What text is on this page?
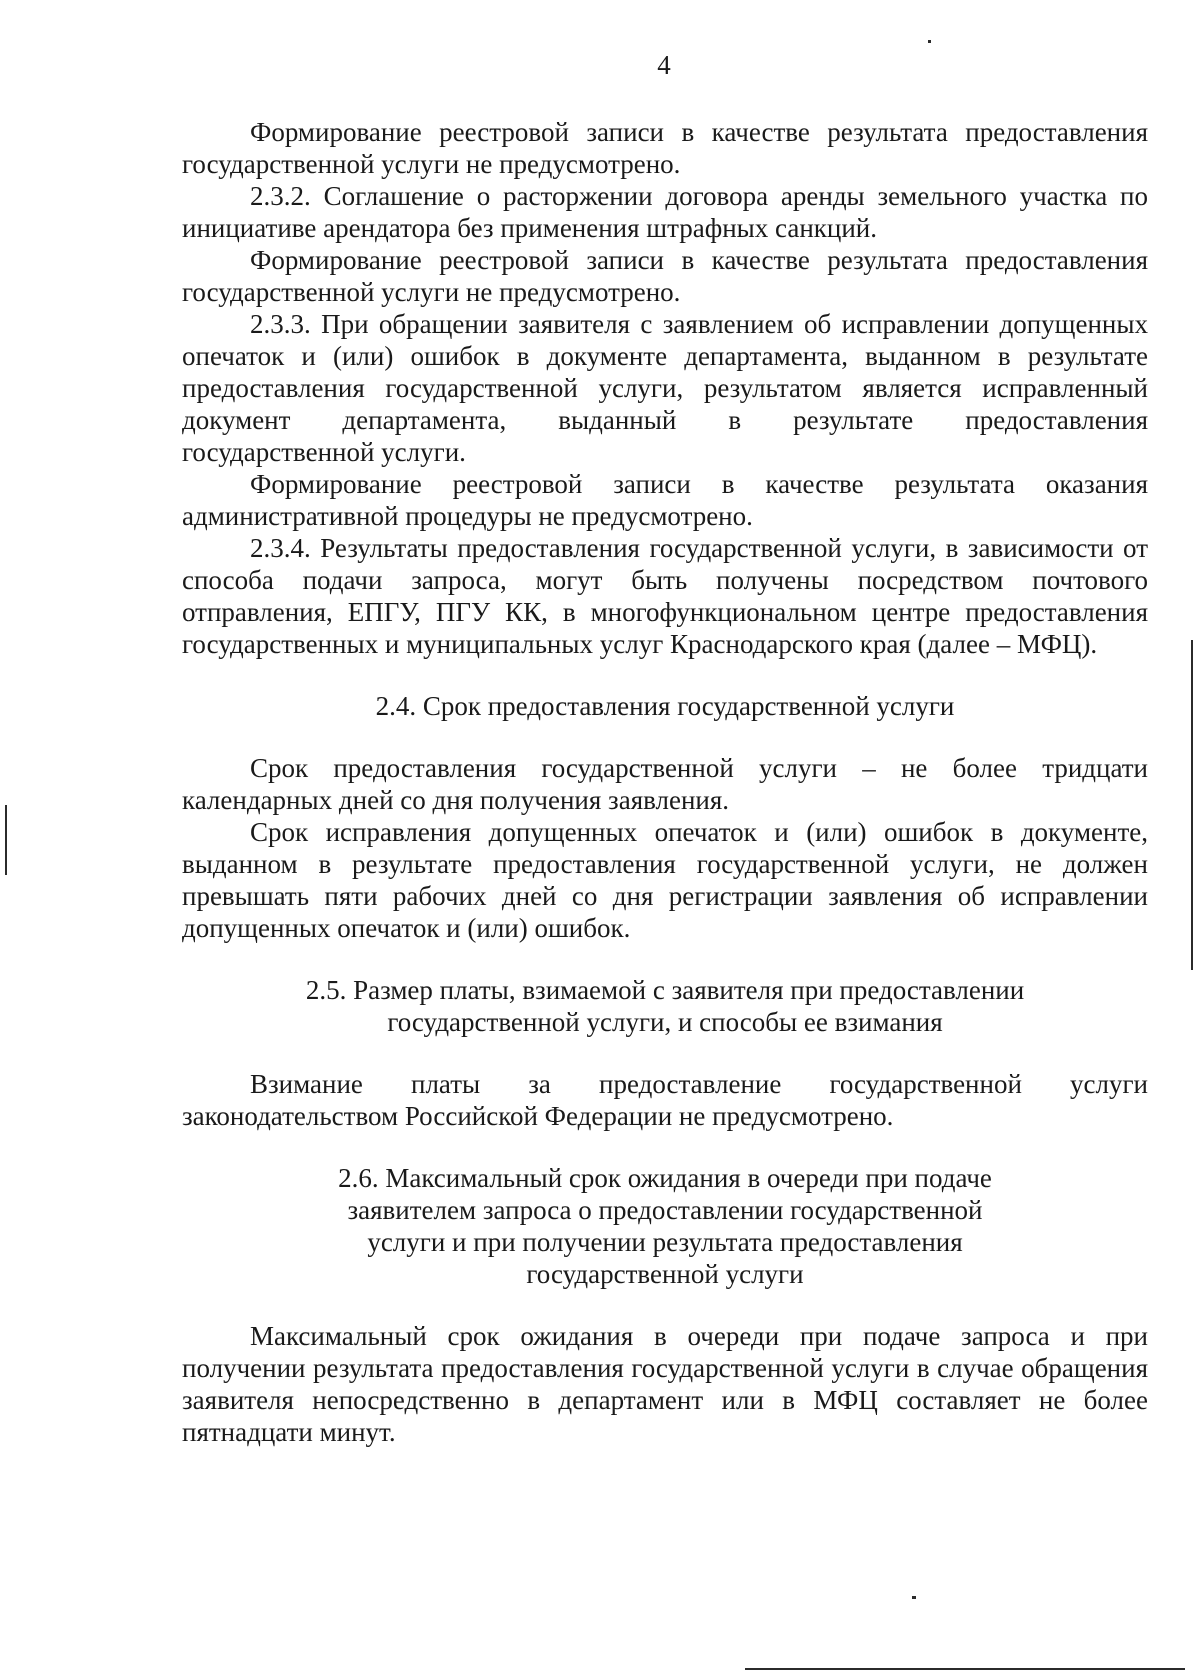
4

Формирование реестровой записи в качестве результата предоставления государственной услуги не предусмотрено.

2.3.2. Соглашение о расторжении договора аренды земельного участка по инициативе арендатора без применения штрафных санкций.

Формирование реестровой записи в качестве результата предоставления государственной услуги не предусмотрено.

2.3.3. При обращении заявителя с заявлением об исправлении допущенных опечаток и (или) ошибок в документе департамента, выданном в результате предоставления государственной услуги, результатом является исправленный документ департамента, выданный в результате предоставления

государственной услуги.

Формирование реестровой записи в качестве результата оказания административной процедуры не предусмотрено.

2.3.4. Результаты предоставления государственной услуги, в зависимости от способа подачи запроса, могут быть получены посредством почтового отправления, ЕПГУ, ПГУ КК, в многофункциональном центре предоставления государственных и муниципальных услуг Краснодарского края (далее – МФЦ).

2.4. Срок предоставления государственной услуги

Срок предоставления государственной услуги – не более тридцати календарных дней со дня получения заявления.

Срок исправления допущенных опечаток и (или) ошибок в документе, выданном в результате предоставления государственной услуги, не должен превышать пяти рабочих дней со дня регистрации заявления об исправлении допущенных опечаток и (или) ошибок.

2.5. Размер платы, взимаемой с заявителя при предоставлении
государственной услуги, и способы ее взимания

Взимание платы за предоставление государственной услуги

законодательством Российской Федерации не предусмотрено.

2.6. Максимальный срок ожидания в очереди при подаче
заявителем запроса о предоставлении государственной
услуги и при получении результата предоставления
государственной услуги

Максимальный срок ожидания в очереди при подаче запроса и при получении результата предоставления государственной услуги в случае обращения заявителя непосредственно в департамент или в МФЦ составляет не более пятнадцати минут.
